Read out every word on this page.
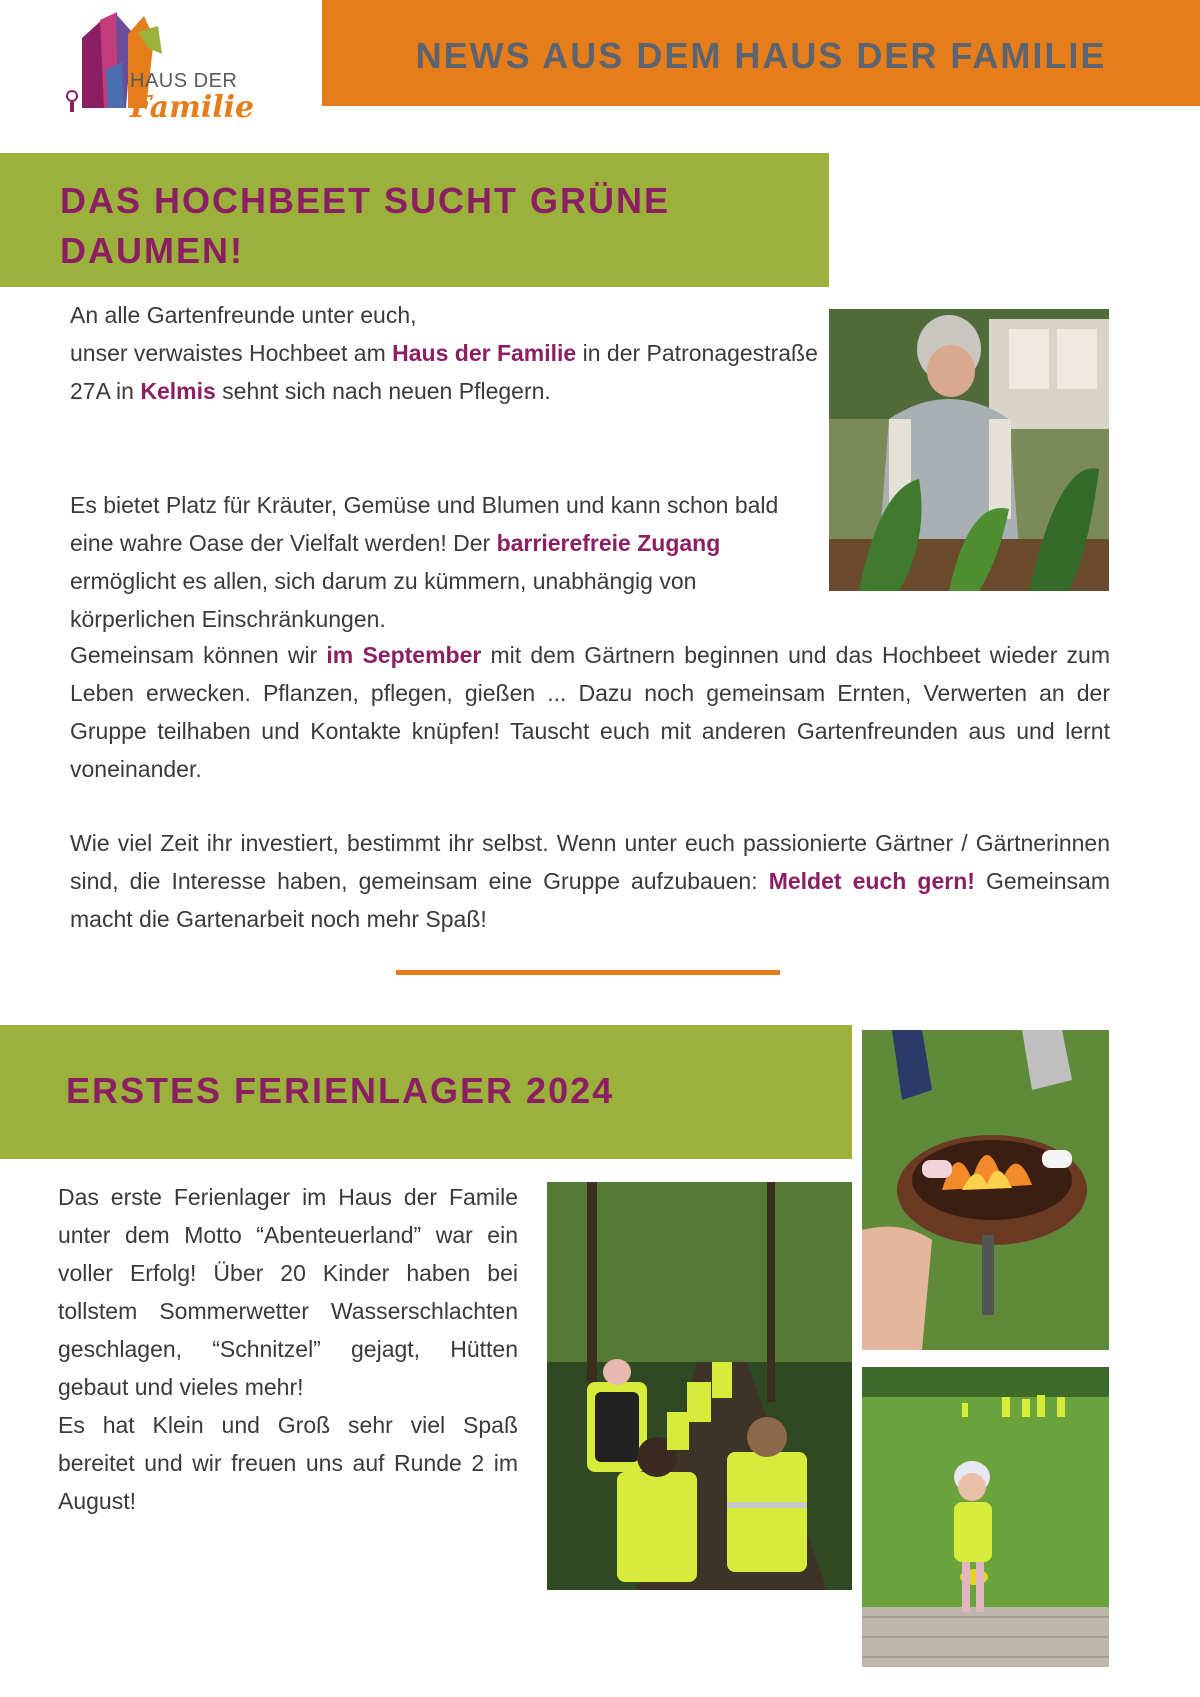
NEWS AUS DEM HAUS DER FAMILIE
HAUS DER
Familie
DAS HOCHBEET SUCHT GRÜNE DAUMEN!
An alle Gartenfreunde unter euch,
unser verwaistes Hochbeet am Haus der Familie in der Patronagestraße 27A in Kelmis sehnt sich nach neuen Pflegern.
Es bietet Platz für Kräuter, Gemüse und Blumen und kann schon bald eine wahre Oase der Vielfalt werden! Der barrierefreie Zugang ermöglicht es allen, sich darum zu kümmern, unabhängig von körperlichen Einschränkungen.
Gemeinsam können wir im September mit dem Gärtnern beginnen und das Hochbeet wieder zum Leben erwecken. Pflanzen, pflegen, gießen ... Dazu noch gemeinsam Ernten, Verwerten an der Gruppe teilhaben und Kontakte knüpfen! Tauscht euch mit anderen Gartenfreunden aus und lernt voneinander.
Wie viel Zeit ihr investiert, bestimmt ihr selbst. Wenn unter euch passionierte Gärtner / Gärtnerinnen sind, die Interesse haben, gemeinsam eine Gruppe aufzubauen: Meldet euch gern! Gemeinsam macht die Gartenarbeit noch mehr Spaß!
ERSTES FERIENLAGER 2024
Das erste Ferienlager im Haus der Famile unter dem Motto “Abenteuerland” war ein voller Erfolg! Über 20 Kinder haben bei tollstem Sommerwetter Wasserschlachten geschlagen, “Schnitzel” gejagt, Hütten gebaut und vieles mehr!
Es hat Klein und Groß sehr viel Spaß bereitet und wir freuen uns auf Runde 2 im August!
